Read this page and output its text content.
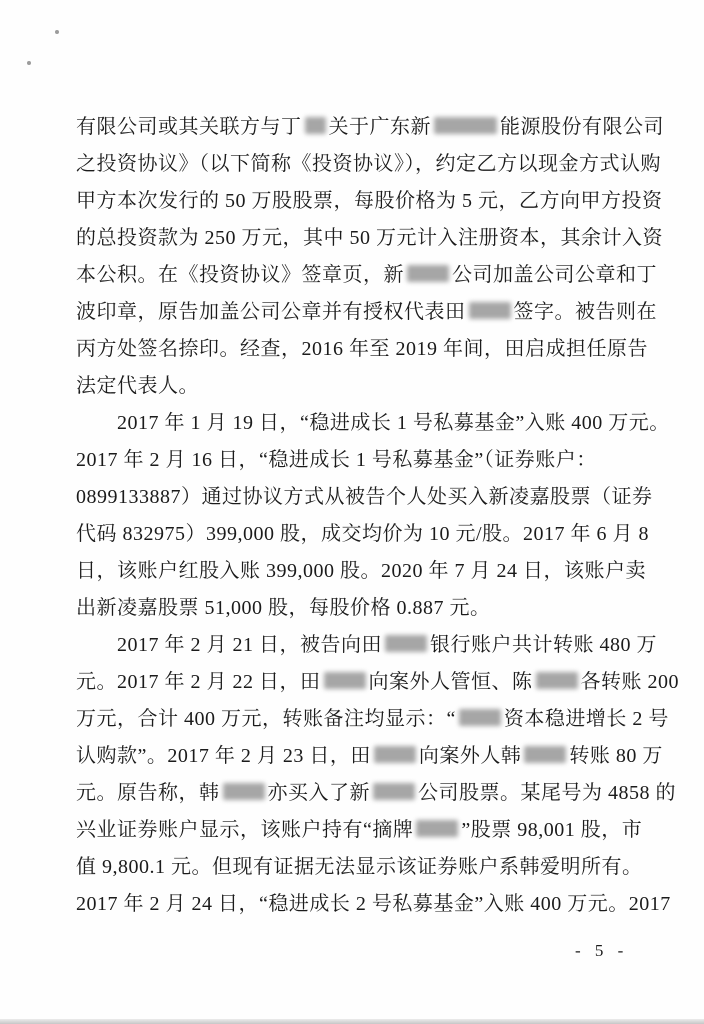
有限公司或其关联方与丁 关于广东新	能源股份有限公司
之投资协议》（以下简称《投资协议》），约定乙方以现金方式认购
甲方本次发行的 50 万股股票，每股价格为 5 元，乙方向甲方投资
的总投资款为 250 万元，其中 50 万元计入注册资本，其余计入资
本公积。在《投资协议》签章页，新 公司加盖公司公章和丁
波印章，原告加盖公司公章并有授权代表田 签字。被告则在
丙方处签名捺印。经查，2016 年至 2019 年间，田启成担任原告
法定代表人。
2017 年 1 月 19 日，“稳进成长 1 号私募基金”入账 400 万元。
2017 年 2 月 16 日，“稳进成长 1 号私募基金”（证券账户：
0899133887）通过协议方式从被告个人处买入新凌嘉股票（证券
代码 832975）399,000 股，成交均价为 10 元/股。2017 年 6 月 8
日，该账户红股入账 399,000 股。2020 年 7 月 24 日，该账户卖
出新凌嘉股票 51,000 股，每股价格 0.887 元。
2017 年 2 月 21 日，被告向田 银行账户共计转账 480 万
元。2017 年 2 月 22 日，田 向案外人管恒、陈 各转账 200
万元，合计 400 万元，转账备注均显示：“ 资本稳进增长 2 号
认购款”。2017 年 2 月 23 日，田 向案外人韩 转账 80 万
元。原告称，韩 亦买入了新 公司股票。某尾号为 4858 的
兴业证券账户显示，该账户持有“摘牌 ”股票 98,001 股，市
值 9,800.1 元。但现有证据无法显示该证券账户系韩爱明所有。
2017 年 2 月 24 日，“稳进成长 2 号私募基金”入账 400 万元。2017
- 5 -
